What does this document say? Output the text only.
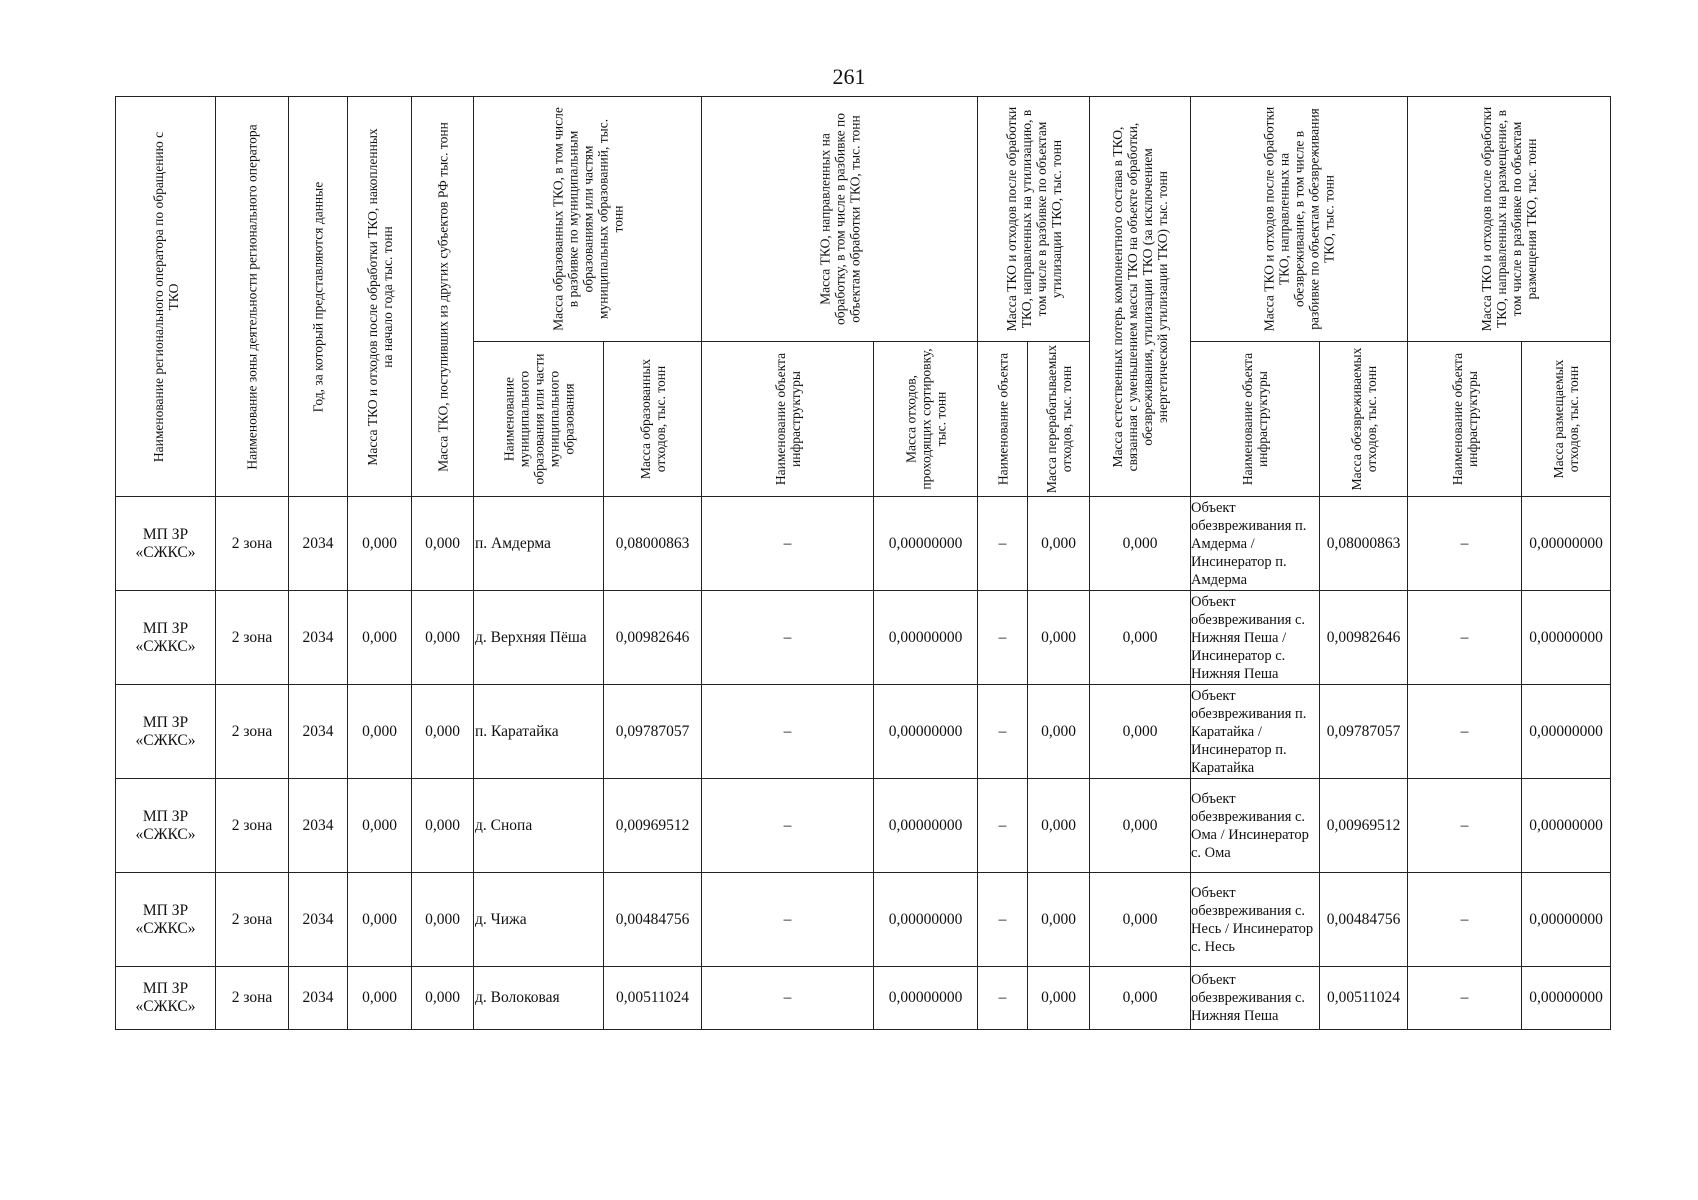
261
Наименование регионального оператора по обращению с ТКО	Наименование зоны деятельности регионального оператора	Год, за который представляются данные	Масса ТКО и отходов после обработки ТКО, накопленных на начало года тыс. тонн	Масса ТКО, поступивших из других субъектов РФ тыс. тонн	Масса образованных ТКО, в том числе в разбивке по муниципальным образованиям или частям муниципальных образований, тыс. тонн		Масса ТКО, направленных на обработку, в том числе в разбивке по объектам обработки ТКО, тыс. тонн		Масса ТКО и отходов после обработки ТКО, направленных на утилизацию, в том числе в разбивке по объектам утилизации ТКО, тыс. тонн		Масса естественных потерь компонентного состава в ТКО, связанная с уменьшением массы ТКО на объекте обработки, обезвреживания, утилизации ТКО (за исключением энергетической утилизации ТКО) тыс. тонн	Масса ТКО и отходов после обработки ТКО, направленных на обезвреживание, в том числе в разбивке по объектам обезвреживания ТКО, тыс. тонн		Масса ТКО и отходов после обработки ТКО, направленных на размещение, в том числе в разбивке по объектам размещения ТКО, тыс. тонн	

					Наименование муниципального образования или части муниципального образования	Масса образованных отходов, тыс. тонн	Наименование объекта инфраструктуры	Масса отходов, проходящих сортировку, тыс. тонн	Наименование объекта	Масса перерабатываемых отходов, тыс. тонн		Наименование объекта инфраструктуры	Масса обезвреживаемых отходов, тыс. тонн	Наименование объекта инфраструктуры	Масса размещаемых отходов, тыс. тонн

МП ЗР «СЖКС»	2 зона	2034	0,000	0,000	п. Амдерма	0,08000863	–	0,00000000	–	0,000	0,000	Объект обезвреживания п. Амдерма / Инсинератор п. Амдерма	0,08000863	–	0,00000000
МП ЗР «СЖКС»	2 зона	2034	0,000	0,000	д. Верхняя Пёша	0,00982646	–	0,00000000	–	0,000	0,000	Объект обезвреживания с. Нижняя Пеша / Инсинератор с. Нижняя Пеша	0,00982646	–	0,00000000
МП ЗР «СЖКС»	2 зона	2034	0,000	0,000	п. Каратайка	0,09787057	–	0,00000000	–	0,000	0,000	Объект обезвреживания п. Каратайка / Инсинератор п. Каратайка	0,09787057	–	0,00000000
МП ЗР «СЖКС»	2 зона	2034	0,000	0,000	д. Снопа	0,00969512	–	0,00000000	–	0,000	0,000	Объект обезвреживания с. Ома / Инсинератор с. Ома	0,00969512	–	0,00000000
МП ЗР «СЖКС»	2 зона	2034	0,000	0,000	д. Чижа	0,00484756	–	0,00000000	–	0,000	0,000	Объект обезвреживания с. Несь / Инсинератор с. Несь	0,00484756	–	0,00000000
МП ЗР «СЖКС»	2 зона	2034	0,000	0,000	д. Волоковая	0,00511024	–	0,00000000	–	0,000	0,000	Объект обезвреживания с. Нижняя Пеша	0,00511024	–	0,00000000
